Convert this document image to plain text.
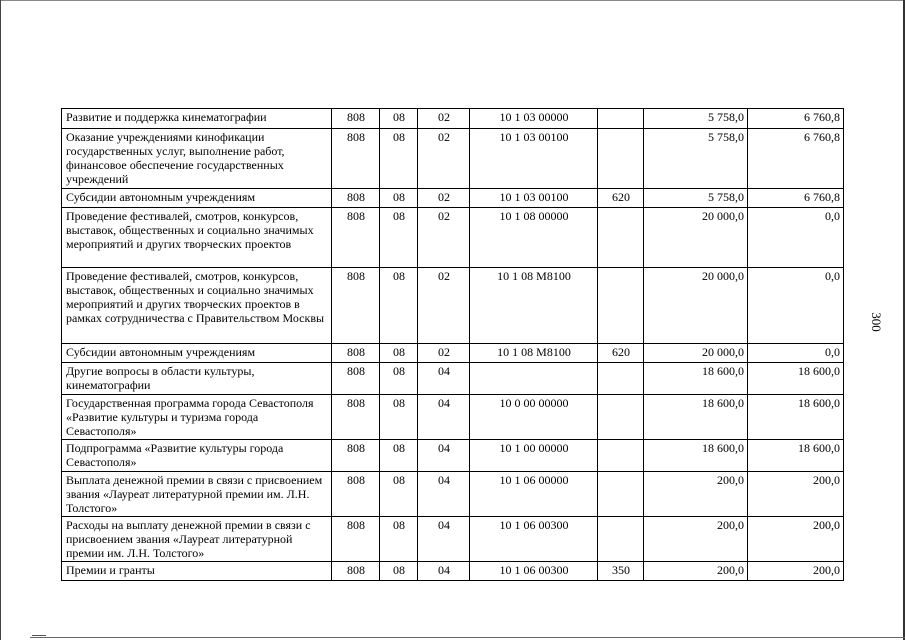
Развитие и поддержка кинематографии	808	08	02	10 1 03 00000		5 758,0	6 760,8
Оказание учреждениями кинофикации государственных услуг, выполнение работ, финансовое обеспечение государственных учреждений	808	08	02	10 1 03 00100		5 758,0	6 760,8
Субсидии автономным учреждениям	808	08	02	10 1 03 00100	620	5 758,0	6 760,8
Проведение фестивалей, смотров, конкурсов, выставок, общественных и социально значимых мероприятий и других творческих проектов	808	08	02	10 1 08 00000		20 000,0	0,0
Проведение фестивалей, смотров, конкурсов, выставок, общественных и социально значимых мероприятий и других творческих проектов в рамках сотрудничества с Правительством Москвы	808	08	02	10 1 08 М8100		20 000,0	0,0
Субсидии автономным учреждениям	808	08	02	10 1 08 М8100	620	20 000,0	0,0
Другие вопросы в области культуры, кинематографии	808	08	04			18 600,0	18 600,0
Государственная программа города Севастополя «Развитие культуры и туризма города Севастополя»	808	08	04	10 0 00 00000		18 600,0	18 600,0
Подпрограмма «Развитие культуры города Севастополя»	808	08	04	10 1 00 00000		18 600,0	18 600,0
Выплата денежной премии в связи с присвоением звания «Лауреат литературной премии им. Л.Н. Толстого»	808	08	04	10 1 06 00000		200,0	200,0
Расходы на выплату денежной премии в связи с присвоением звания «Лауреат литературной премии им. Л.Н. Толстого»	808	08	04	10 1 06 00300		200,0	200,0
Премии и гранты	808	08	04	10 1 06 00300	350	200,0	200,0
300
